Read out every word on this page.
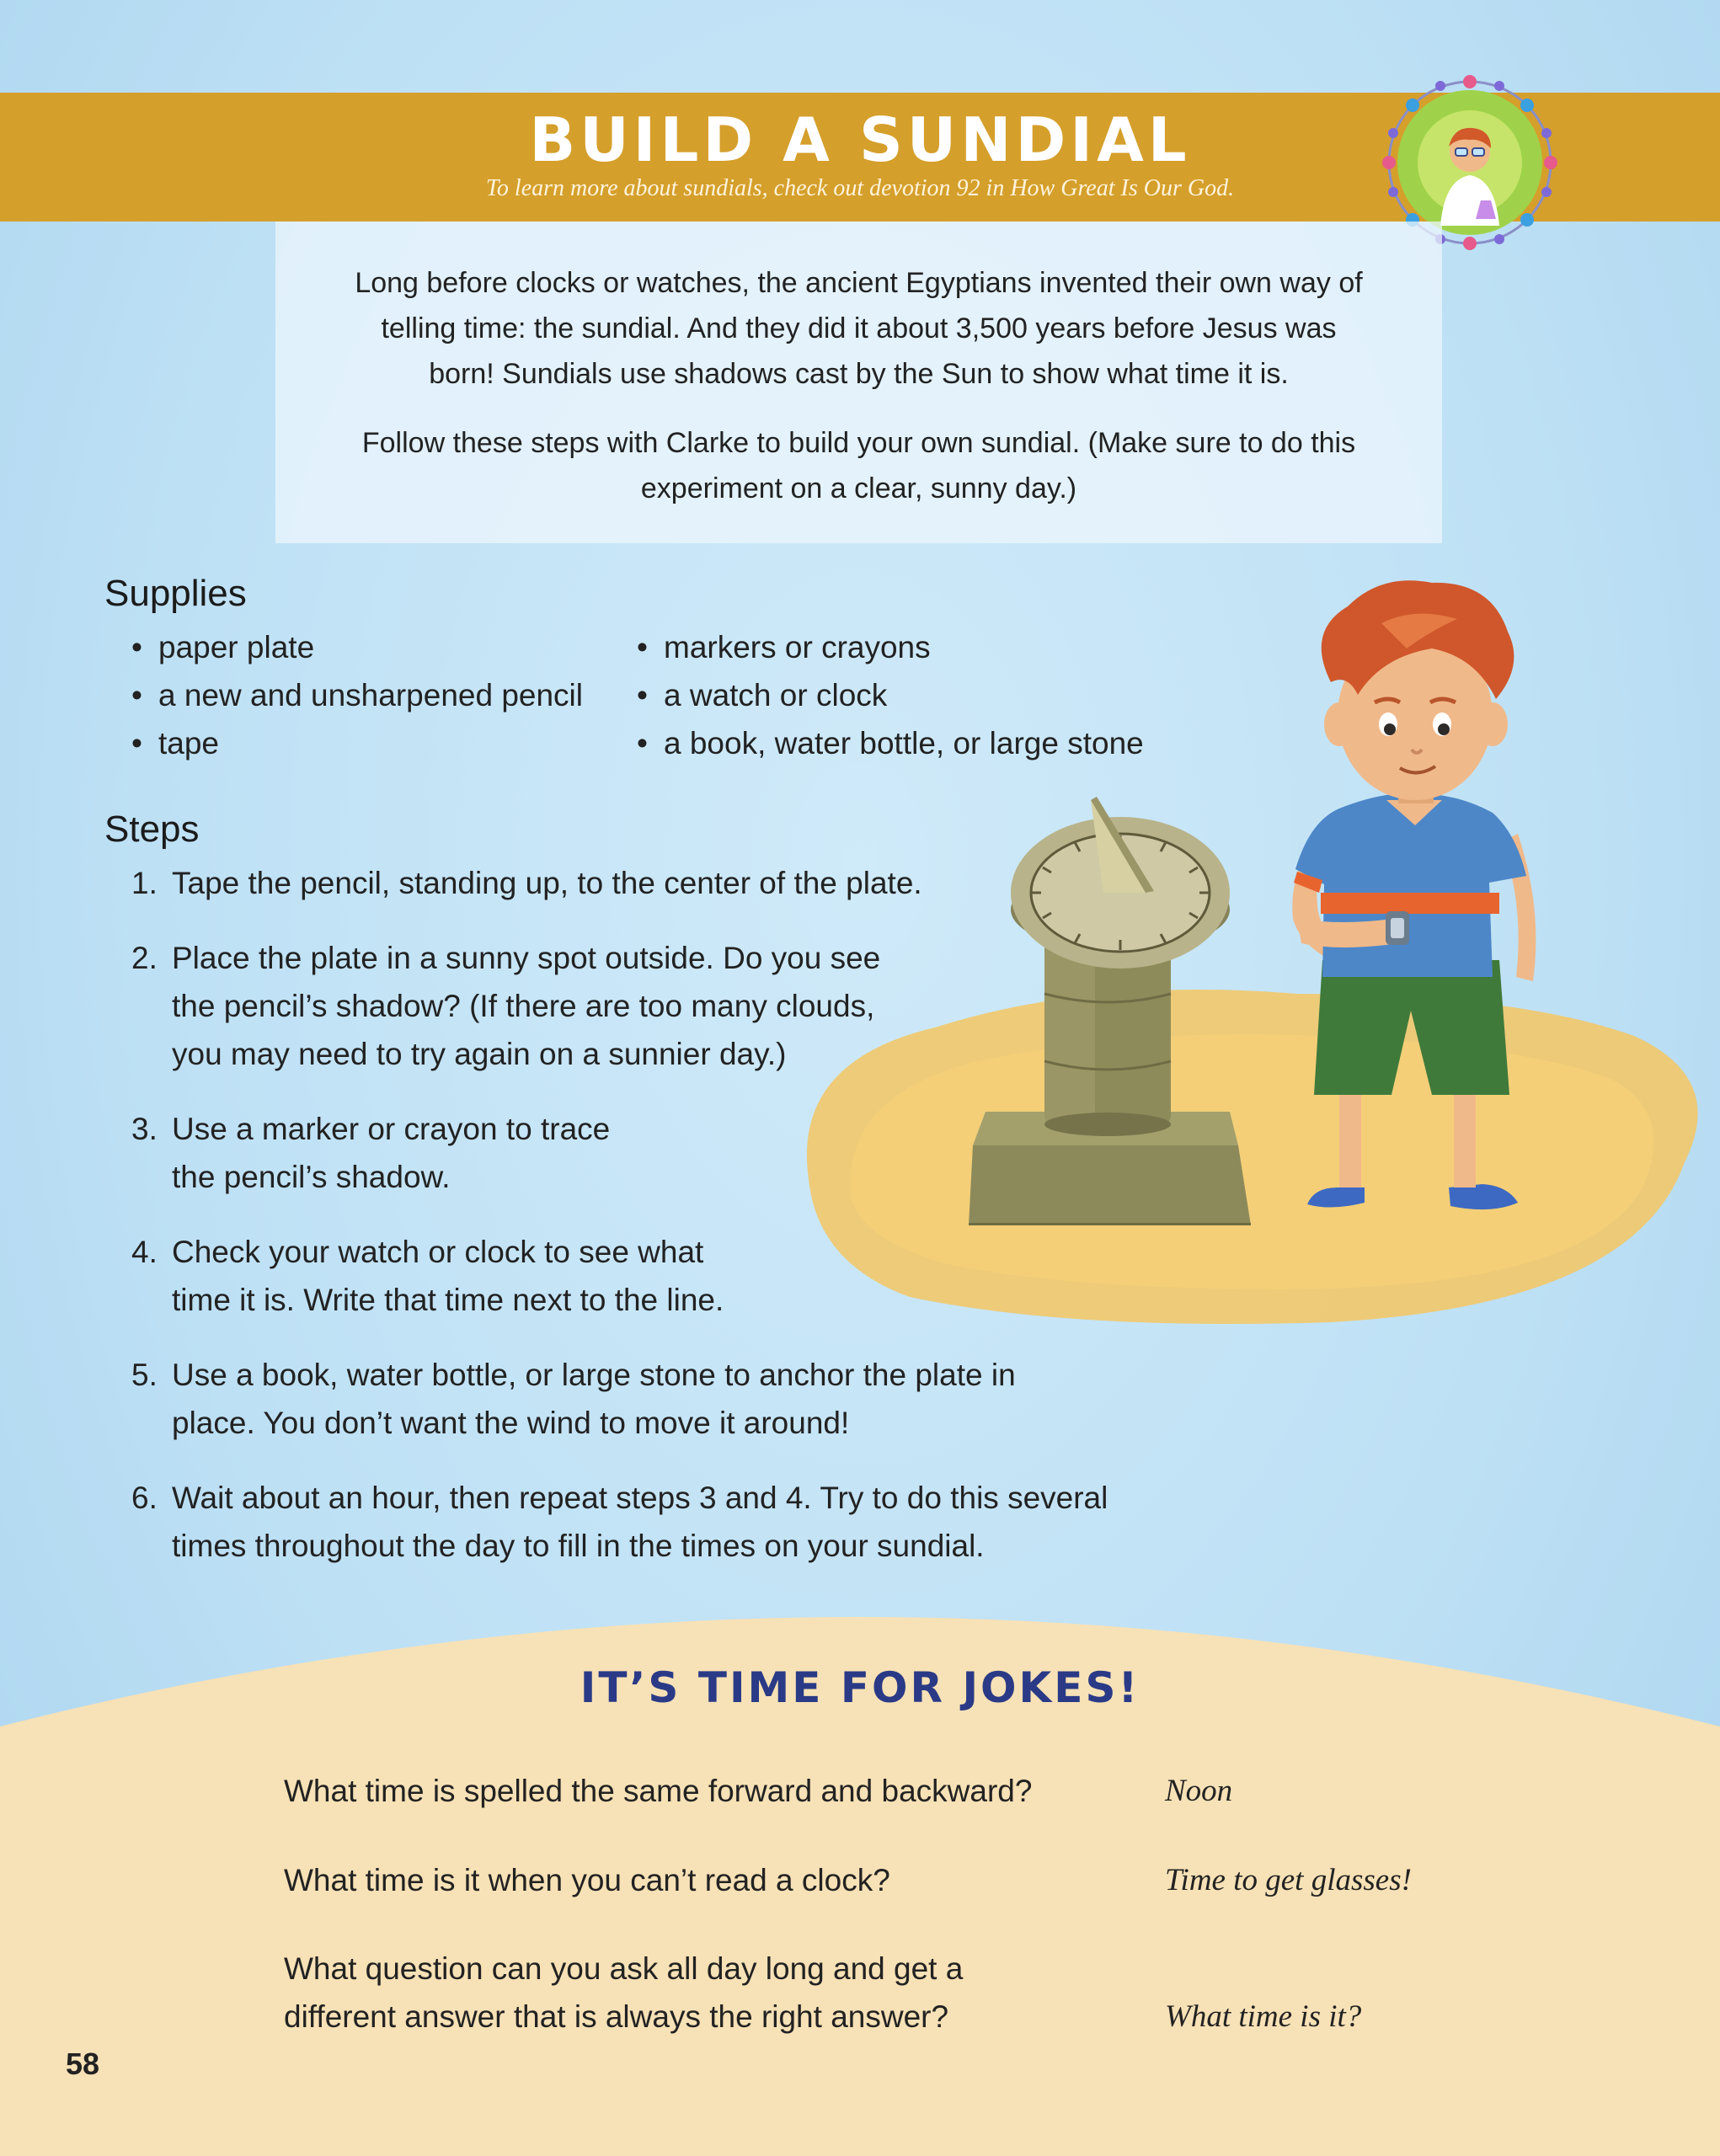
BUILD A SUNDIAL
To learn more about sundials, check out devotion 92 in How Great Is Our God.

Long before clocks or watches, the ancient Egyptians invented their own way of telling time: the sundial. And they did it about 3,500 years before Jesus was born! Sundials use shadows cast by the Sun to show what time it is.

Follow these steps with Clarke to build your own sundial. (Make sure to do this experiment on a clear, sunny day.)

Supplies
• paper plate
• a new and unsharpened pencil
• tape
• markers or crayons
• a watch or clock
• a book, water bottle, or large stone
Steps
1. Tape the pencil, standing up, to the center of the plate.
2. Place the plate in a sunny spot outside. Do you see
the pencil’s shadow? (If there are too many clouds,
you may need to try again on a sunnier day.)
3. Use a marker or crayon to trace
the pencil’s shadow.
4. Check your watch or clock to see what
time it is. Write that time next to the line.
5. Use a book, water bottle, or large stone to anchor the plate in
place. You don’t want the wind to move it around!
6. Wait about an hour, then repeat steps 3 and 4. Try to do this several
times throughout the day to fill in the times on your sundial.
IT’S TIME FOR JOKES!
What time is spelled the same forward and backward?	Noon
What time is it when you can’t read a clock?	Time to get glasses!
What question can you ask all day long and get a
different answer that is always the right answer?	What time is it?
58
